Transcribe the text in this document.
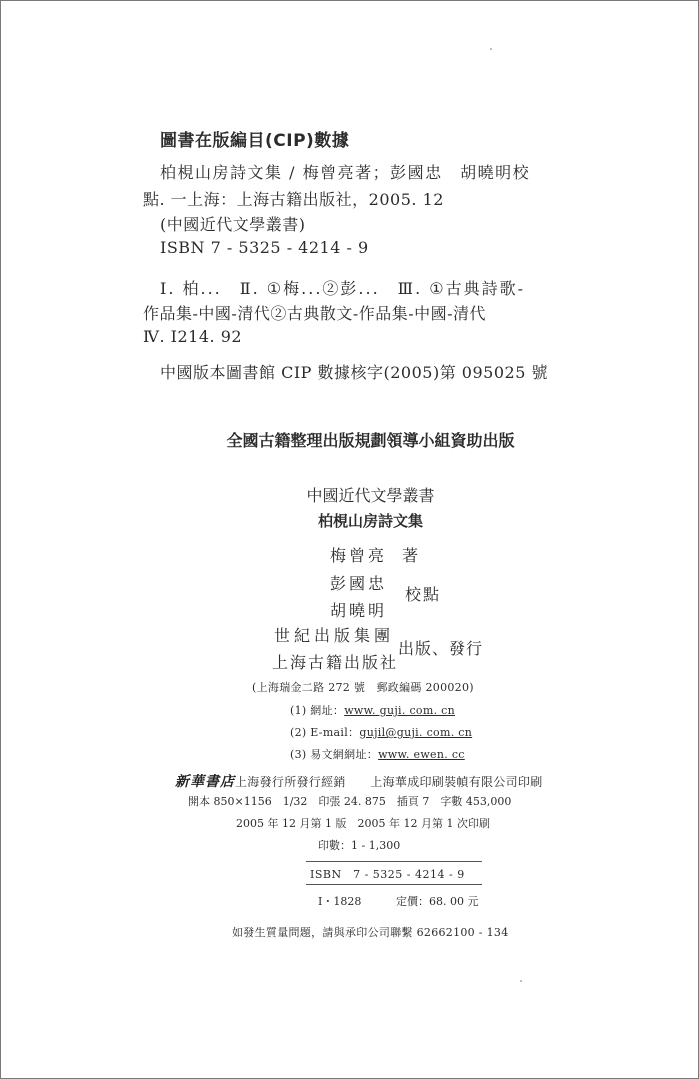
圖書在版編目(CIP)數據
柏梘山房詩文集 / 梅曾亮著；彭國忠　胡曉明校
點. 一上海：上海古籍出版社，2005. 12
(中國近代文學叢書)
ISBN 7 - 5325 - 4214 - 9
Ⅰ. 柏...　Ⅱ. ①梅...②彭...　Ⅲ. ①古典詩歌-
作品集-中國-清代②古典散文-作品集-中國-清代
Ⅳ. I214. 92
中國版本圖書館 CIP 數據核字(2005)第 095025 號
全國古籍整理出版規劃領導小組資助出版
中國近代文學叢書
柏梘山房詩文集
梅曾亮 著
彭國忠
胡曉明
校點
世紀出版集團
上海古籍出版社
出版、發行
(上海瑞金二路 272 號　郵政編碼 200020)
(1) 網址：www. guji. com. cn
(2) E-mail：gujil@guji. com. cn
(3) 易文網網址：www. ewen. cc
新華書店上海發行所發行經銷　　上海華成印刷裝幀有限公司印刷
開本 850×1156　1/32　印張 24. 875　插頁 7　字數 453,000
2005 年 12 月第 1 版　2005 年 12 月第 1 次印刷
印數：1 - 1,300
ISBN　7 - 5325 - 4214 - 9
I・1828	定價：68. 00 元
如發生質量問題，請與承印公司聯繫 62662100 - 134
